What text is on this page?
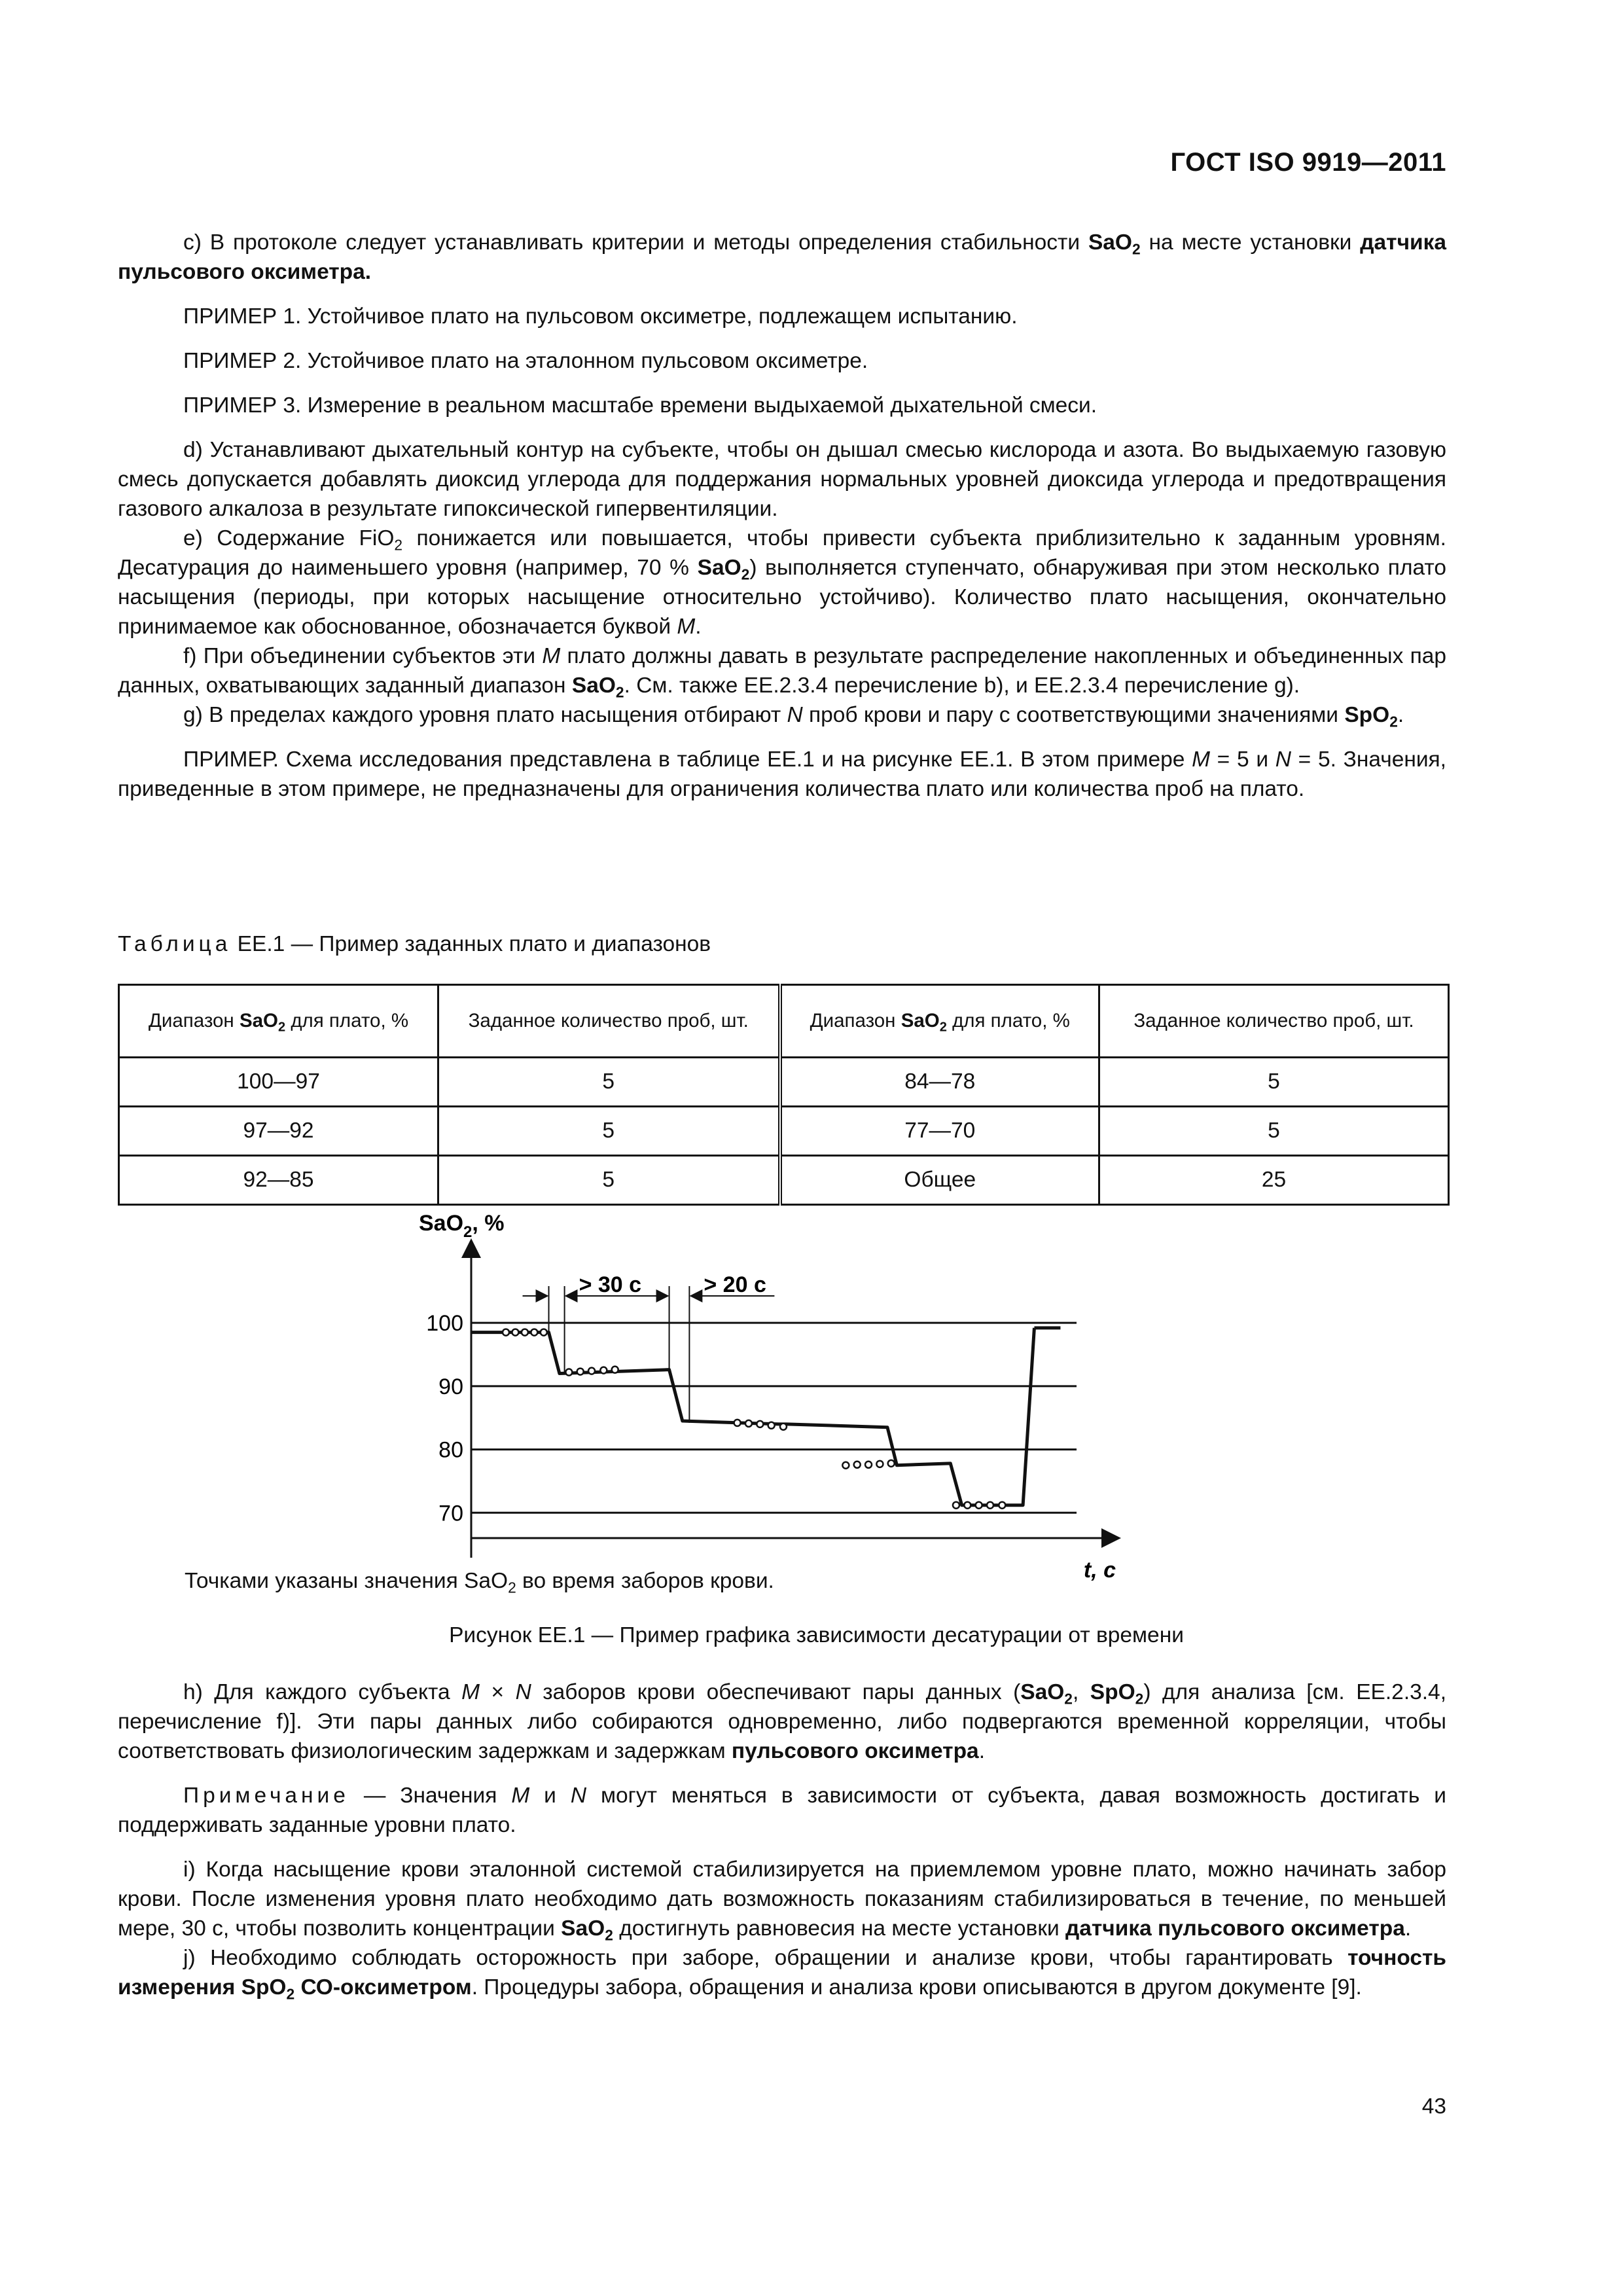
ГОСТ ISO 9919—2011

c) В протоколе следует устанавливать критерии и методы определения стабильности SaO$_2$ на месте установки датчика пульсового оксиметра.

ПРИМЕР 1. Устойчивое плато на пульсовом оксиметре, подлежащем испытанию.

ПРИМЕР 2. Устойчивое плато на эталонном пульсовом оксиметре.

ПРИМЕР 3. Измерение в реальном масштабе времени выдыхаемой дыхательной смеси.

d) Устанавливают дыхательный контур на субъекте, чтобы он дышал смесью кислорода и азота. Во выдыхаемую газовую смесь допускается добавлять диоксид углерода для поддержания нормальных уровней диоксида углерода и предотвращения газового алкалоза в результате гипоксической гипервентиляции.

e) Содержание FiO$_2$ понижается или повышается, чтобы привести субъекта приблизительно к заданным уровням. Десатурация до наименьшего уровня (например, 70 % SaO$_2$) выполняется ступенчато, обнаруживая при этом несколько плато насыщения (периоды, при которых насыщение относительно устойчиво). Количество плато насыщения, окончательно принимаемое как обоснованное, обозначается буквой M.

f) При объединении субъектов эти M плато должны давать в результате распределение накопленных и объединенных пар данных, охватывающих заданный диапазон SaO$_2$. См. также ЕЕ.2.3.4 перечисление b), и ЕЕ.2.3.4 перечисление g).

g) В пределах каждого уровня плато насыщения отбирают N проб крови и пару с соответствующими значениями SpO$_2$.

ПРИМЕР. Схема исследования представлена в таблице ЕЕ.1 и на рисунке ЕЕ.1. В этом примере M = 5 и N = 5. Значения, приведенные в этом примере, не предназначены для ограничения количества плато или количества проб на плато.

Таблица ЕЕ.1 — Пример заданных плато и диапазонов

Диапазон SaO$_2$ для плато, %	Заданное количество проб, шт.	Диапазон SaO$_2$ для плато, %	Заданное количество проб, шт.
100—97	5	84—78	5
97—92	5	77—70	5
92—85	5	Общее	25
100
90
80
70
SaO$_2$, %
t, с
> 30 с	> 20 с
Точками указаны значения SaO$_2$ во время заборов крови.
Рисунок ЕЕ.1 — Пример графика зависимости десатурации от времени

h) Для каждого субъекта M × N заборов крови обеспечивают пары данных (SaO$_2$, SpO$_2$) для анализа [см. ЕЕ.2.3.4, перечисление f)]. Эти пары данных либо собираются одновременно, либо подвергаются временной корреляции, чтобы соответствовать физиологическим задержкам и задержкам пульсового оксиметра.

Примечание — Значения M и N могут меняться в зависимости от субъекта, давая возможность достигать и поддерживать заданные уровни плато.

i) Когда насыщение крови эталонной системой стабилизируется на приемлемом уровне плато, можно начинать забор крови. После изменения уровня плато необходимо дать возможность показаниям стабилизироваться в течение, по меньшей мере, 30 с, чтобы позволить концентрации SaO$_2$ достигнуть равновесия на месте установки датчика пульсового оксиметра.

j) Необходимо соблюдать осторожность при заборе, обращении и анализе крови, чтобы гарантировать точность измерения SpO$_2$ СО-оксиметром. Процедуры забора, обращения и анализа крови описываются в другом документе [9].

43
